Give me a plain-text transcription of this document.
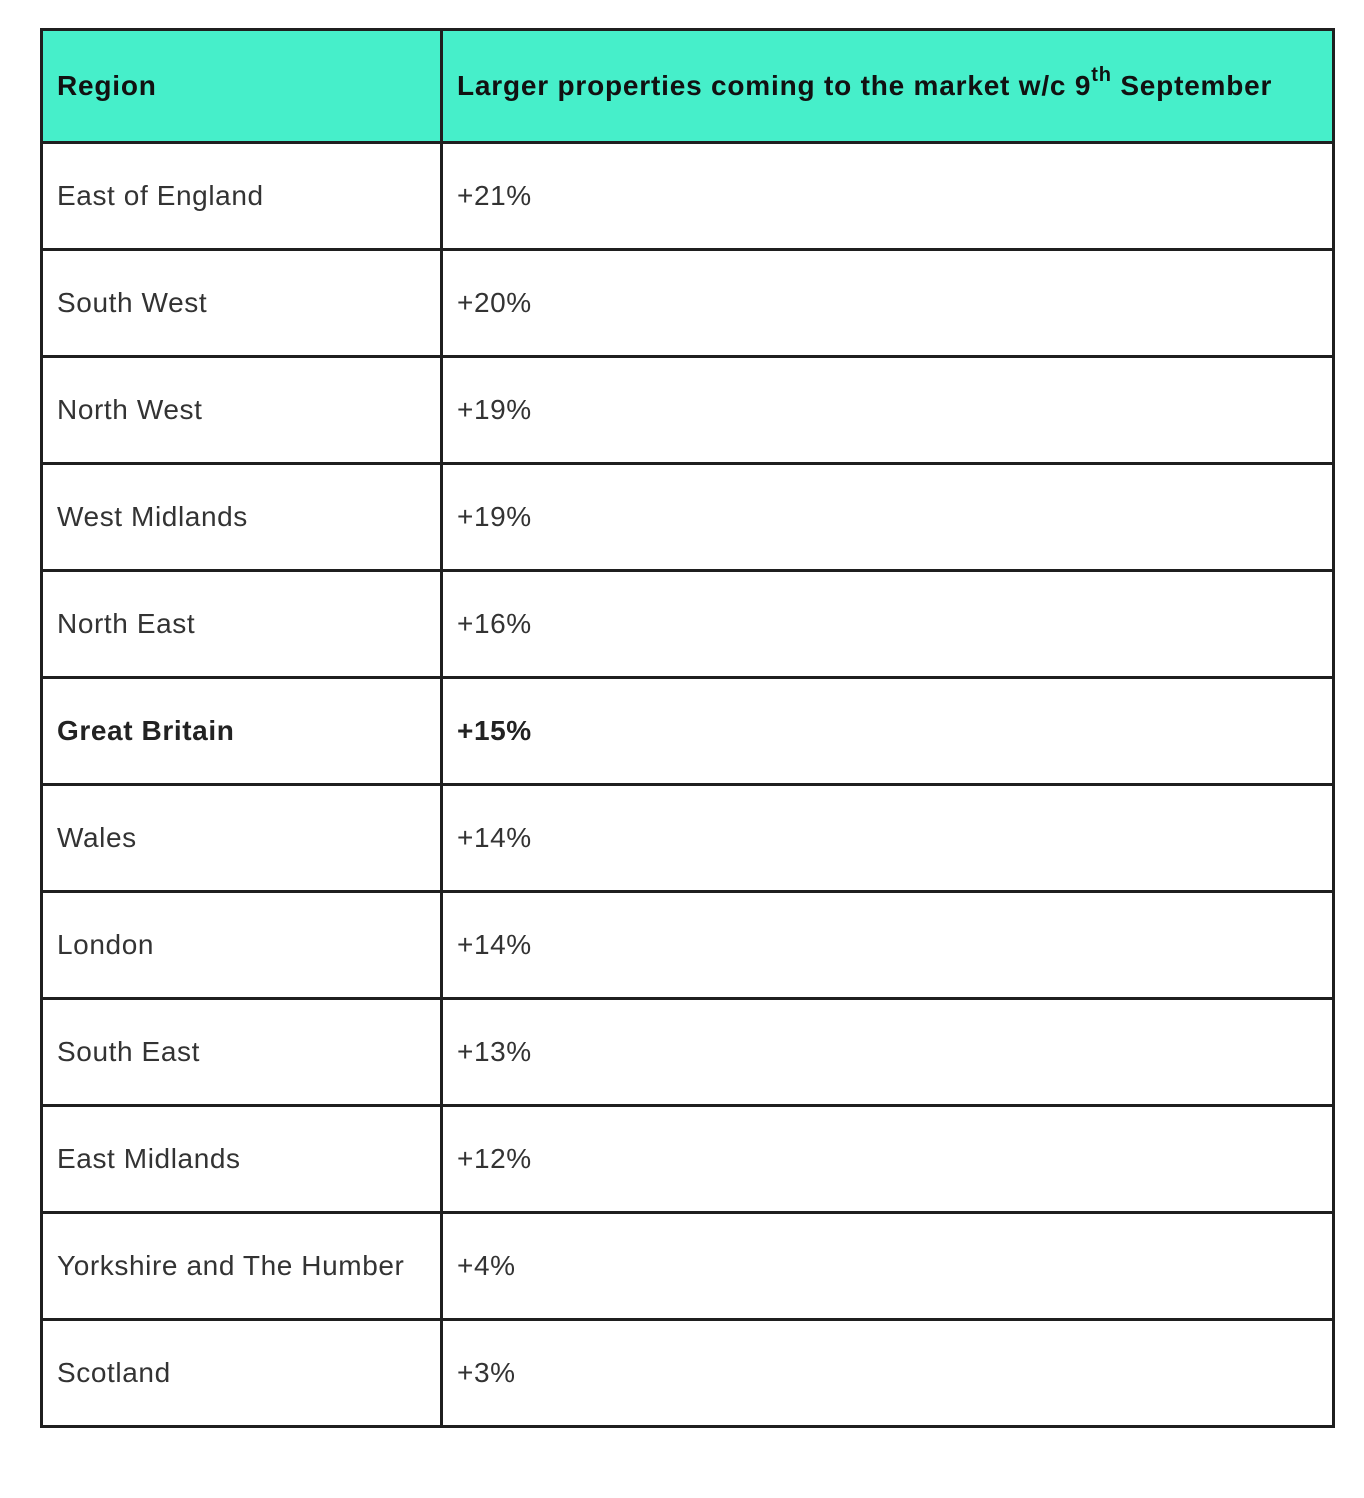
Region	Larger properties coming to the market w/c 9th September
East of England	+21%
South West	+20%
North West	+19%
West Midlands	+19%
North East	+16%
Great Britain	+15%
Wales	+14%
London	+14%
South East	+13%
East Midlands	+12%
Yorkshire and The Humber	+4%
Scotland	+3%
